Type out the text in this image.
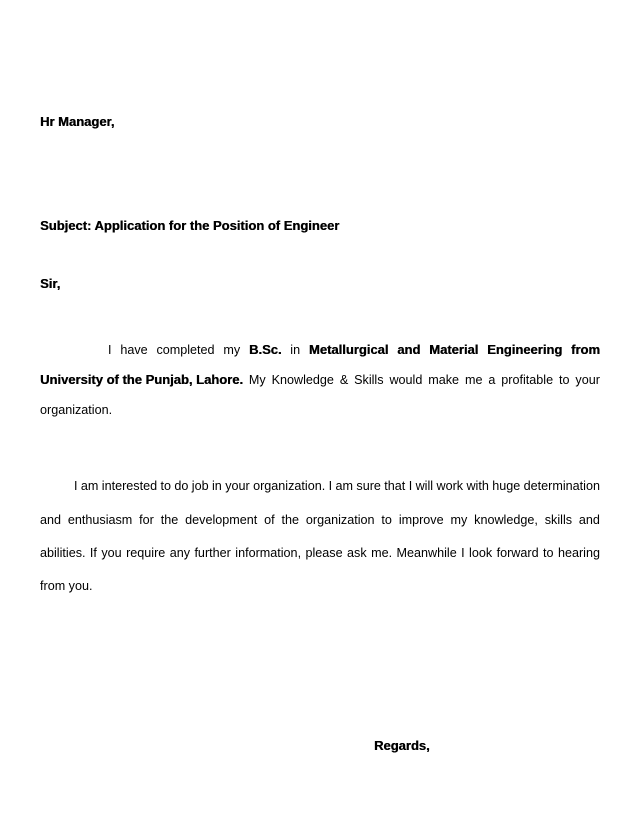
Hr Manager,
Subject: Application for the Position of Engineer
Sir,
I have completed my B.Sc. in Metallurgical and Material Engineering from
University of the Punjab, Lahore. My Knowledge & Skills would make me a profitable to your
organization.
I am interested to do job in your organization. I am sure that I will work with huge determination
and enthusiasm for the development of the organization to improve my knowledge, skills and
abilities. If you require any further information, please ask me. Meanwhile I look forward to hearing
from you.
Regards,
